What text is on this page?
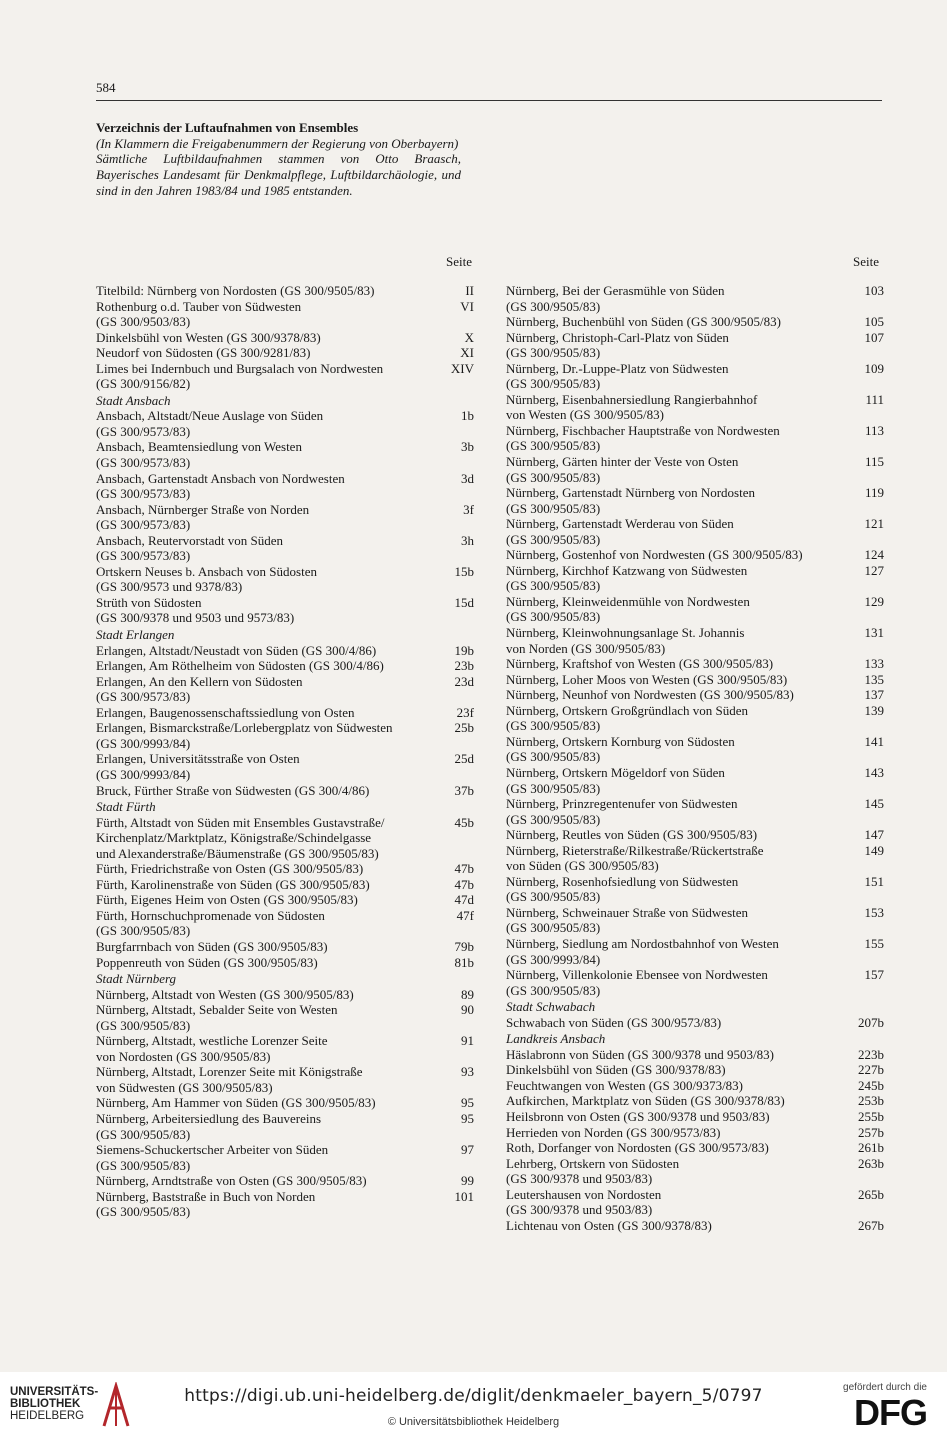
584
Verzeichnis der Luftaufnahmen von Ensembles
(In Klammern die Freigabenummern der Regierung von Oberbayern)
Sämtliche Luftbildaufnahmen stammen von Otto Braasch, Bayerisches Landesamt für Denkmalpflege, Luftbildarchäologie, und sind in den Jahren 1983/84 und 1985 entstanden.
Seite	Seite
Titelbild: Nürnberg von Nordosten (GS 300/9505/83)	II
Rothenburg o.d. Tauber von Südwesten
(GS 300/9503/83)
VI
Dinkelsbühl von Westen (GS 300/9378/83)	X
Neudorf von Südosten (GS 300/9281/83)	XI
Limes bei Indernbuch und Burgsalach von Nordwesten
(GS 300/9156/82)
XIV
Stadt Ansbach
Ansbach, Altstadt/Neue Auslage von Süden
(GS 300/9573/83)
1b
Ansbach, Beamtensiedlung von Westen
(GS 300/9573/83)
3b
Ansbach, Gartenstadt Ansbach von Nordwesten
(GS 300/9573/83)
3d
Ansbach, Nürnberger Straße von Norden
(GS 300/9573/83)
3f
Ansbach, Reutervorstadt von Süden
(GS 300/9573/83)
3h
Ortskern Neuses b. Ansbach von Südosten
(GS 300/9573 und 9378/83)
15b
Strüth von Südosten
(GS 300/9378 und 9503 und 9573/83)
15d
Stadt Erlangen
Erlangen, Altstadt/Neustadt von Süden (GS 300/4/86)	19b
Erlangen, Am Röthelheim von Südosten (GS 300/4/86)	23b
Erlangen, An den Kellern von Südosten
(GS 300/9573/83)
23d
Erlangen, Baugenossenschaftssiedlung von Osten	23f
Erlangen, Bismarckstraße/Lorlebergplatz von Südwesten
(GS 300/9993/84)
25b
Erlangen, Universitätsstraße von Osten
(GS 300/9993/84)
25d
Bruck, Fürther Straße von Südwesten (GS 300/4/86)	37b
Stadt Fürth
Fürth, Altstadt von Süden mit Ensembles Gustavstraße/
Kirchenplatz/Marktplatz, Königstraße/Schindelgasse
und Alexanderstraße/Bäumenstraße (GS 300/9505/83)
45b
Fürth, Friedrichstraße von Osten (GS 300/9505/83)	47b
Fürth, Karolinenstraße von Süden (GS 300/9505/83)	47b
Fürth, Eigenes Heim von Osten (GS 300/9505/83)	47d
Fürth, Hornschuchpromenade von Südosten
(GS 300/9505/83)
47f
Burgfarrnbach von Süden (GS 300/9505/83)	79b
Poppenreuth von Süden (GS 300/9505/83)	81b
Stadt Nürnberg
Nürnberg, Altstadt von Westen (GS 300/9505/83)	89
Nürnberg, Altstadt, Sebalder Seite von Westen
(GS 300/9505/83)
90
Nürnberg, Altstadt, westliche Lorenzer Seite
von Nordosten (GS 300/9505/83)
91
Nürnberg, Altstadt, Lorenzer Seite mit Königstraße
von Südwesten (GS 300/9505/83)
93
Nürnberg, Am Hammer von Süden (GS 300/9505/83)	95
Nürnberg, Arbeitersiedlung des Bauvereins
(GS 300/9505/83)
95
Siemens-Schuckertscher Arbeiter von Süden
(GS 300/9505/83)
97
Nürnberg, Arndtstraße von Osten (GS 300/9505/83)	99
Nürnberg, Baststraße in Buch von Norden
(GS 300/9505/83)
101
Nürnberg, Bei der Gerasmühle von Süden
(GS 300/9505/83)
103
Nürnberg, Buchenbühl von Süden (GS 300/9505/83)	105
Nürnberg, Christoph-Carl-Platz von Süden
(GS 300/9505/83)
107
Nürnberg, Dr.-Luppe-Platz von Südwesten
(GS 300/9505/83)
109
Nürnberg, Eisenbahnersiedlung Rangierbahnhof
von Westen (GS 300/9505/83)
111
Nürnberg, Fischbacher Hauptstraße von Nordwesten
(GS 300/9505/83)
113
Nürnberg, Gärten hinter der Veste von Osten
(GS 300/9505/83)
115
Nürnberg, Gartenstadt Nürnberg von Nordosten
(GS 300/9505/83)
119
Nürnberg, Gartenstadt Werderau von Süden
(GS 300/9505/83)
121
Nürnberg, Gostenhof von Nordwesten (GS 300/9505/83)	124
Nürnberg, Kirchhof Katzwang von Südwesten
(GS 300/9505/83)
127
Nürnberg, Kleinweidenmühle von Nordwesten
(GS 300/9505/83)
129
Nürnberg, Kleinwohnungsanlage St. Johannis
von Norden (GS 300/9505/83)
131
Nürnberg, Kraftshof von Westen (GS 300/9505/83)	133
Nürnberg, Loher Moos von Westen (GS 300/9505/83)	135
Nürnberg, Neunhof von Nordwesten (GS 300/9505/83)	137
Nürnberg, Ortskern Großgründlach von Süden
(GS 300/9505/83)
139
Nürnberg, Ortskern Kornburg von Südosten
(GS 300/9505/83)
141
Nürnberg, Ortskern Mögeldorf von Süden
(GS 300/9505/83)
143
Nürnberg, Prinzregentenufer von Südwesten
(GS 300/9505/83)
145
Nürnberg, Reutles von Süden (GS 300/9505/83)	147
Nürnberg, Rieterstraße/Rilkestraße/Rückertstraße
von Süden (GS 300/9505/83)
149
Nürnberg, Rosenhofsiedlung von Südwesten
(GS 300/9505/83)
151
Nürnberg, Schweinauer Straße von Südwesten
(GS 300/9505/83)
153
Nürnberg, Siedlung am Nordostbahnhof von Westen
(GS 300/9993/84)
155
Nürnberg, Villenkolonie Ebensee von Nordwesten
(GS 300/9505/83)
157
Stadt Schwabach
Schwabach von Süden (GS 300/9573/83)	207b
Landkreis Ansbach
Häslabronn von Süden (GS 300/9378 und 9503/83)	223b
Dinkelsbühl von Süden (GS 300/9378/83)	227b
Feuchtwangen von Westen (GS 300/9373/83)	245b
Aufkirchen, Marktplatz von Süden (GS 300/9378/83)	253b
Heilsbronn von Osten (GS 300/9378 und 9503/83)	255b
Herrieden von Norden (GS 300/9573/83)	257b
Roth, Dorfanger von Nordosten (GS 300/9573/83)	261b
Lehrberg, Ortskern von Südosten
(GS 300/9378 und 9503/83)
263b
Leutershausen von Nordosten
(GS 300/9378 und 9503/83)
265b
Lichtenau von Osten (GS 300/9378/83)	267b
UNIVERSITÄTS-
BIBLIOTHEK
HEIDELBERG
https://digi.ub.uni-heidelberg.de/diglit/denkmaeler_bayern_5/0797
© Universitätsbibliothek Heidelberg
gefördert durch die
DFG
